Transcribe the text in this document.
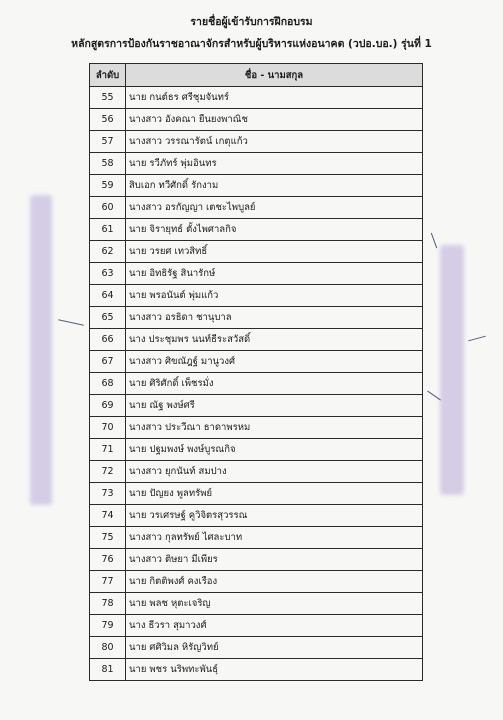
รายชื่อผู้เข้ารับการฝึกอบรม
หลักสูตรการป้องกันราชอาณาจักรสำหรับผู้บริหารแห่งอนาคต (วปอ.บอ.) รุ่นที่ 1
ลำดับ	ชื่อ - นามสกุล
55	นาย กนต์ธร ศรีชุมจันทร์
56	นางสาว อังคณา ยืนยงพาณิช
57	นางสาว วรรณารัตน์ เกตุแก้ว
58	นาย รวีภัทร์ พุ่มอินทร
59	สิบเอก ทวีศักดิ์ รักงาม
60	นางสาว อรกัญญา เตชะไพบูลย์
61	นาย จิรายุทธ์ ตั้งไพศาลกิจ
62	นาย วรยศ เทวสิทธิ์
63	นาย อิทธิรัฐ สินารักษ์
64	นาย พรอนันต์ พุ่มแก้ว
65	นางสาว อรธิดา ชานุบาล
66	นาง ประชุมพร นนท์ธีระสวัสดิ์
67	นางสาว ศิขณัฎฐ์ มานูวงศ์
68	นาย ศิริศักดิ์ เพ็ชรมั่ง
69	นาย ณัฐ พงษ์ศรี
70	นางสาว ประวีณา ธาดาพรหม
71	นาย ปฐมพงษ์ พงษ์บูรณกิจ
72	นางสาว ยุกนันท์ สมปาง
73	นาย ปัญยง พูลทรัพย์
74	นาย วรเศรษฐ์ คูวิจิตรสุวรรณ
75	นางสาว กุลทรัพย์ ไศละบาท
76	นางสาว ติษยา มีเพียร
77	นาย กิตติพงศ์ คงเรือง
78	นาย พลช หุตะเจริญ
79	นาง ธีวรา สุมาวงศ์
80	นาย ศศิวิมล หิรัญวิทย์
81	นาย พชร นริพทะพันธุ์
